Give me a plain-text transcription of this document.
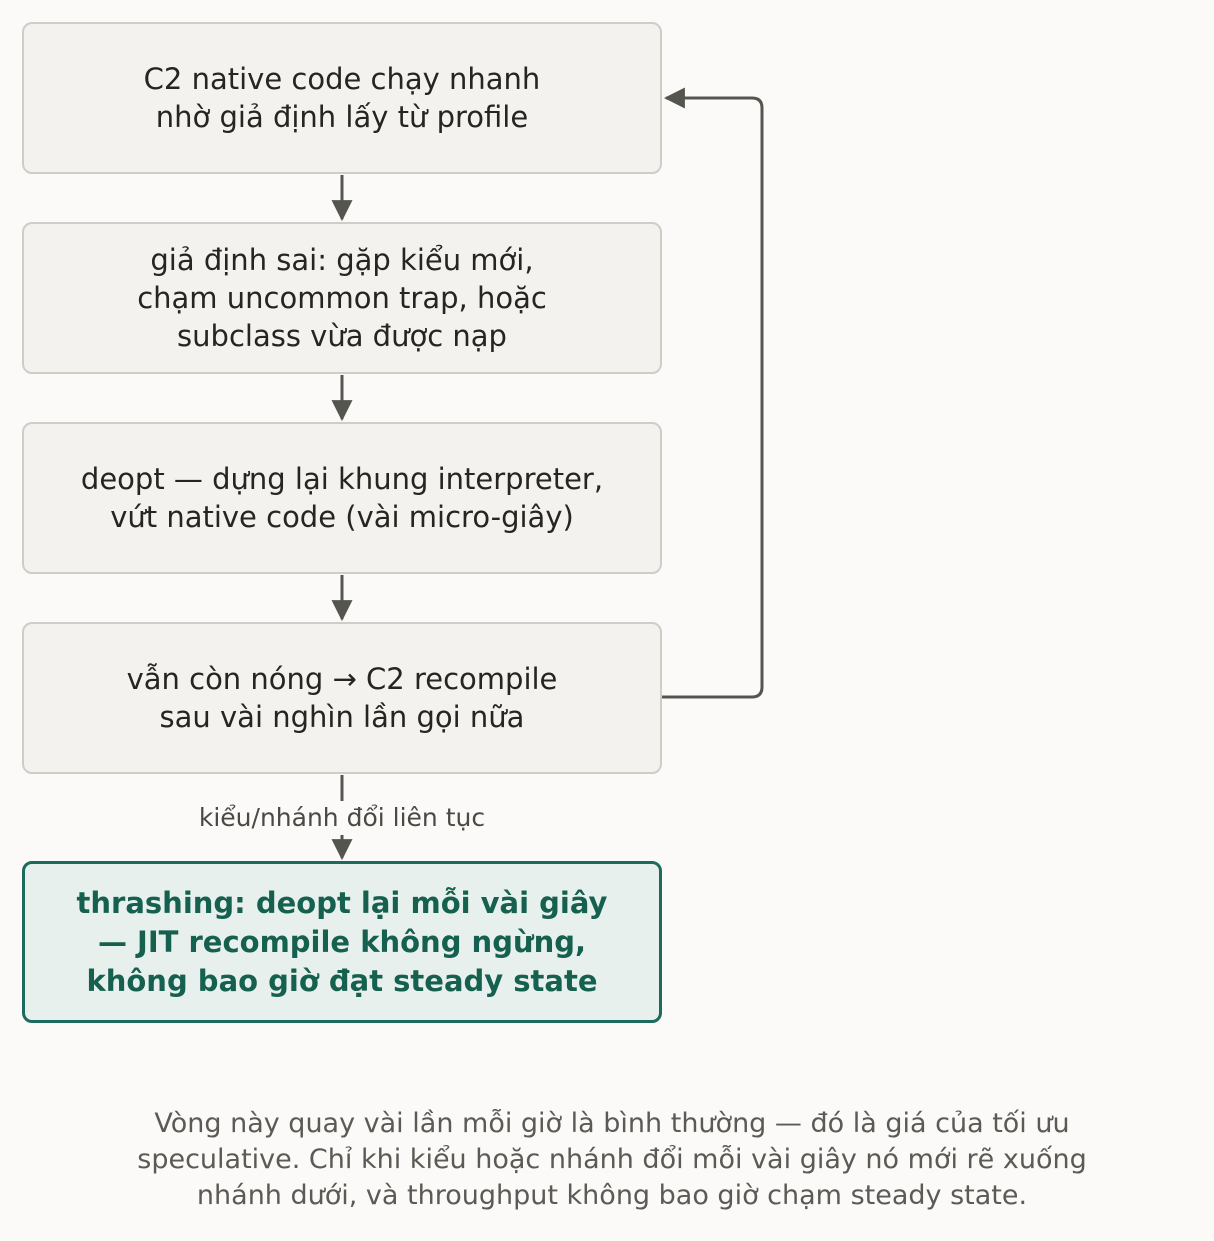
C2 native code chạy nhanh
nhờ giả định lấy từ profile
giả định sai: gặp kiểu mới,
chạm uncommon trap, hoặc
subclass vừa được nạp
deopt — dựng lại khung interpreter,
vứt native code (vài micro-giây)
vẫn còn nóng → C2 recompile
sau vài nghìn lần gọi nữa
kiểu/nhánh đổi liên tục
thrashing: deopt lại mỗi vài giây
— JIT recompile không ngừng,
không bao giờ đạt steady state
Vòng này quay vài lần mỗi giờ là bình thường — đó là giá của tối ưu
speculative. Chỉ khi kiểu hoặc nhánh đổi mỗi vài giây nó mới rẽ xuống
nhánh dưới, và throughput không bao giờ chạm steady state.
